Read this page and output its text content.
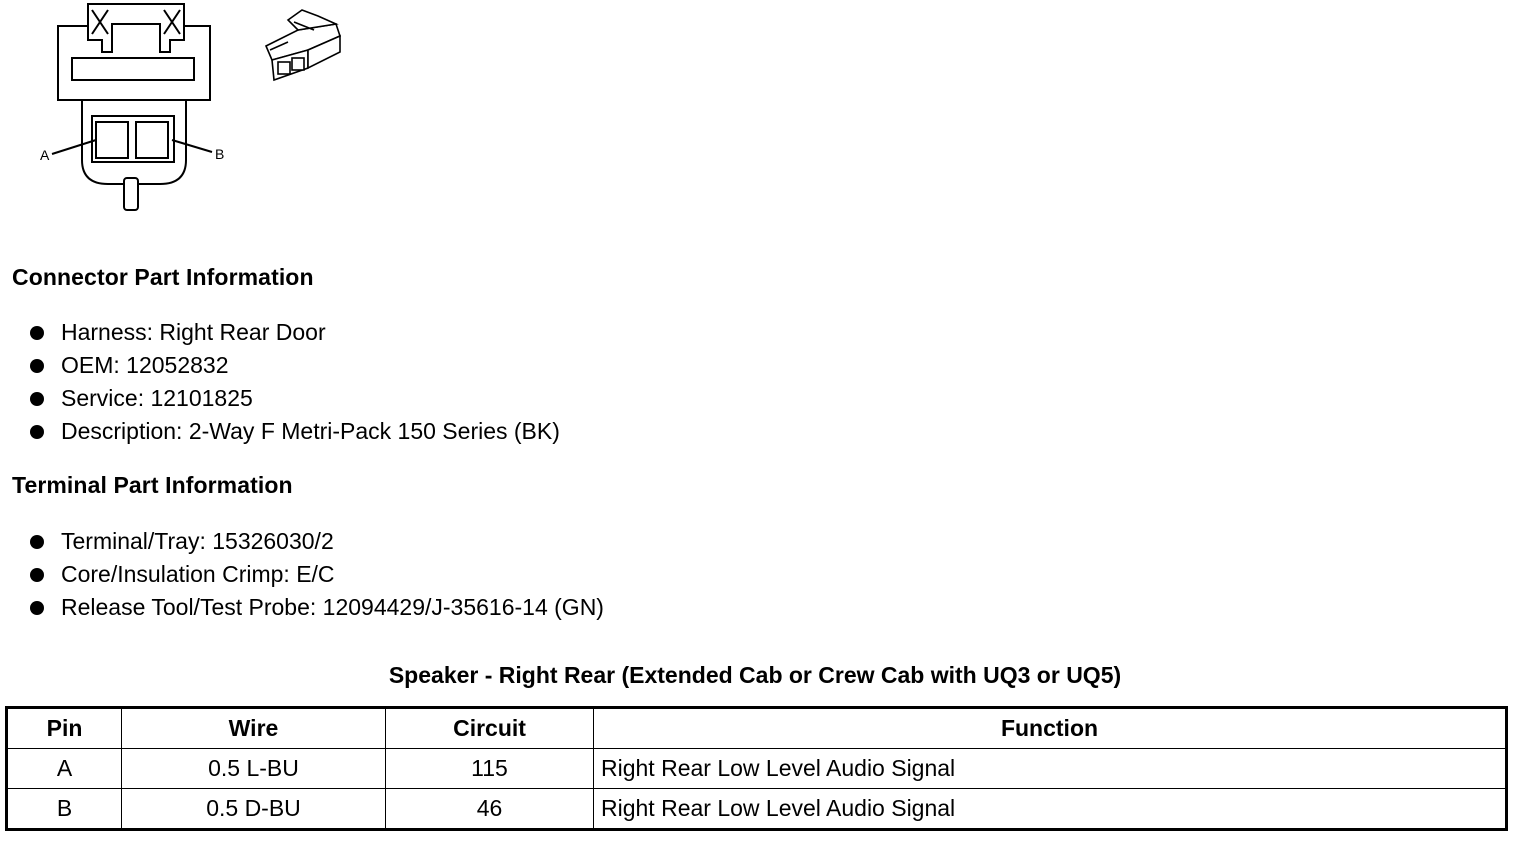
A	B
Connector Part Information
Harness: Right Rear Door
OEM: 12052832
Service: 12101825
Description: 2-Way F Metri-Pack 150 Series (BK)
Terminal Part Information
Terminal/Tray: 15326030/2
Core/Insulation Crimp: E/C
Release Tool/Test Probe: 12094429/J-35616-14 (GN)
Speaker - Right Rear (Extended Cab or Crew Cab with UQ3 or UQ5)
Pin	Wire	Circuit	Function
A	0.5 L-BU	115	Right Rear Low Level Audio Signal
B	0.5 D-BU	46	Right Rear Low Level Audio Signal
